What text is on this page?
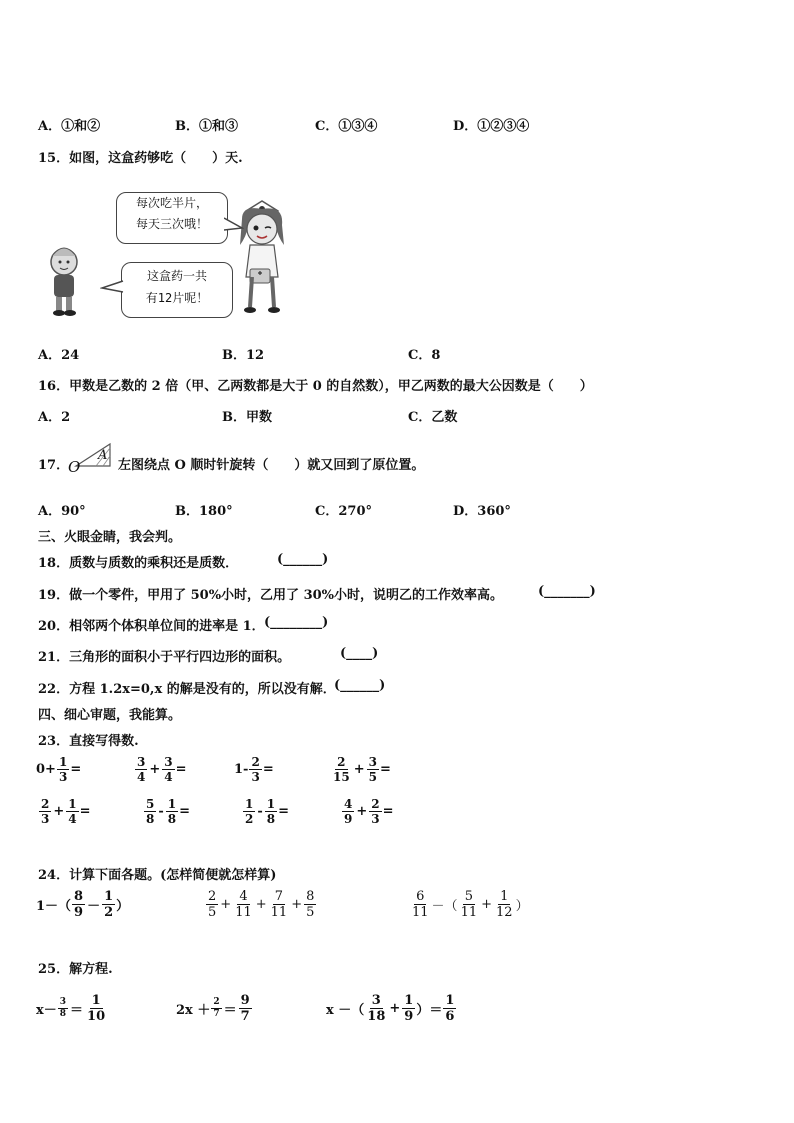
A．①和②	B．①和③	C．①③④	D．①②③④
15．如图，这盒药够吃（　　）天.
每次吃半片，
每天三次哦！
这盒药一共
有12片呢！
A．24	B．12	C．8
16．甲数是乙数的 2 倍（甲、乙两数都是大于 0 的自然数），甲乙两数的最大公因数是（　　）
A．2	B．甲数	C．乙数
17．
O
A
左图绕点 O 顺时针旋转（　　）就又回到了原位置。
A．90°	B．180°	C．270°	D．360°
三、火眼金睛，我会判。
18．质数与质数的乘积还是质数．	(______)
19．做一个零件，甲用了 50%小时，乙用了 30%小时，说明乙的工作效率高。	(_______)
20．相邻两个体积单位间的进率是 1． (________)
21．三角形的面积小于平行四边形的面积。	(____)
22．方程 1.2x=0,x 的解是没有的，所以没有解．
(______)
四、细心审题，我能算。
23．直接写得数.
$0+ \frac{1}{3}$ =	$\frac{3}{4} + \frac{3}{4}$ =	$1- \frac{2}{3}$ =	$\frac{2}{15} + \frac{3}{5}$ =
$\frac{2}{3} + \frac{1}{4}$ =	$\frac{5}{8} - \frac{1}{8}$ =	$\frac{1}{2} - \frac{1}{8}$ =	$\frac{4}{9} + \frac{2}{3}$ =
24．计算下面各题。(怎样简便就怎样算)
$1-( \frac{8}{9} - \frac{1}{2}$ ）	$\frac{2}{5} + \frac{4}{11} + \frac{7}{11} + \frac{8}{5}$	$\frac{6}{11}$ －（ $\frac{5}{11} + \frac{1}{12}$ ）
25．解方程.
$x- \frac{3}{8} = \frac{1}{10}$	$2x + \frac{2}{7} = \frac{9}{7}$	x －（ $\frac{3}{18} + \frac{1}{9}$ ）＝ $\frac{1}{6}$
